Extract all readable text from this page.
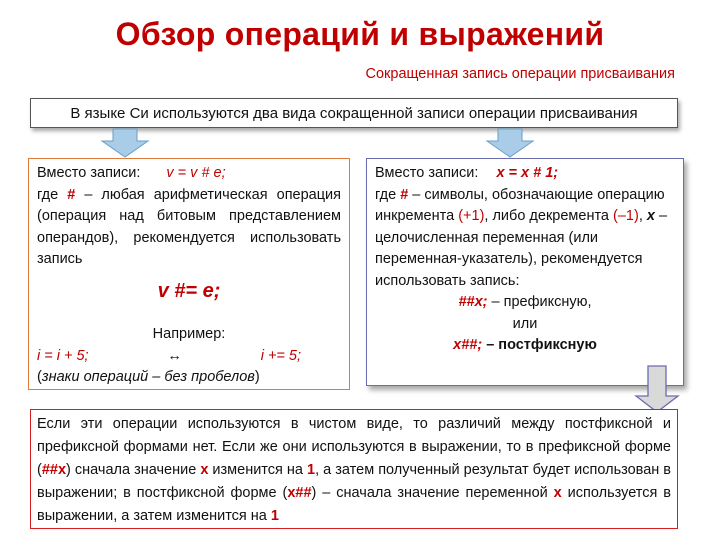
Обзор операций и выражений
Сокращенная запись операции присваивания
В языке Си используются два вида сокращенной записи операции присваивания
Вместо записи: v = v # e;
где # – любая арифметическая операция (операция над битовым представлением операндов), рекомендуется использовать запись
v #= e;
Например:
i = i + 5;	↔	i += 5;
(знаки операций – без пробелов)
Вместо записи: x = x # 1;
где # – символы, обозначающие операцию инкремента (+1), либо декремента (–1), x – целочисленная переменная (или переменная-указатель), рекомендуется использовать запись:
##x; – префиксную,
или
x##; – постфиксную
Если эти операции используются в чистом виде, то различий между постфиксной и префиксной формами нет. Если же они используются в выражении, то в префиксной форме (##x) сначала значение x изменится на 1, а затем полученный результат будет использован в выражении; в постфиксной форме (x##) – сначала значение переменной x используется в выражении, а затем изменится на 1
